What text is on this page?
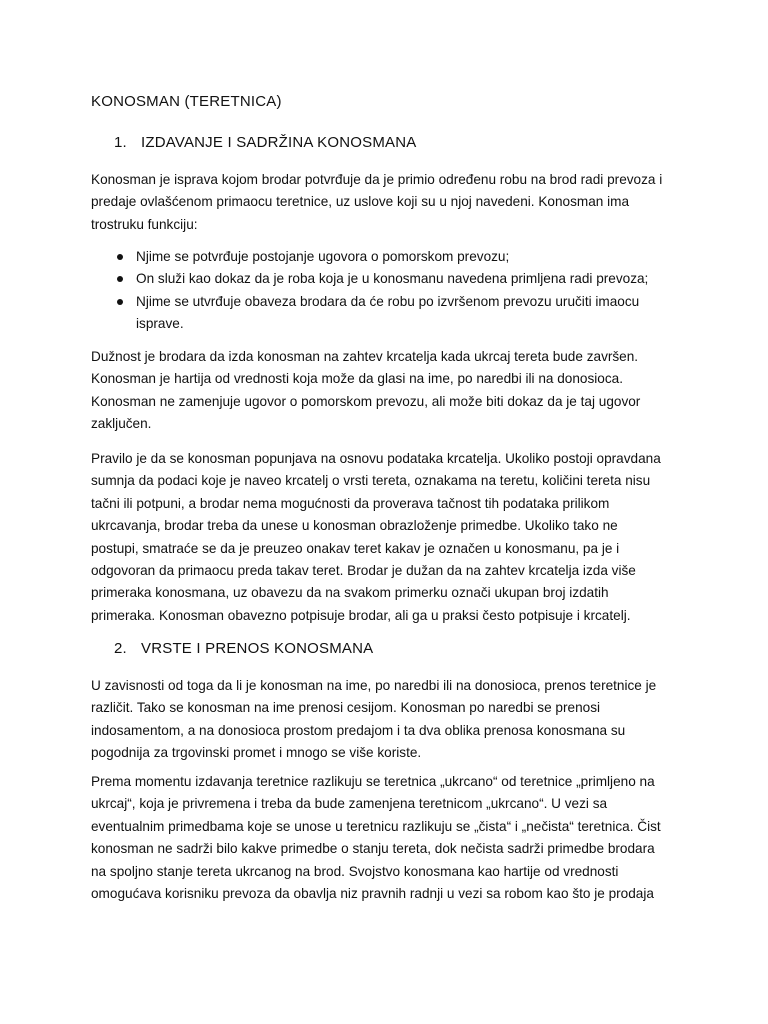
KONOSMAN (TERETNICA)
1. IZDAVANJE I SADRŽINA KONOSMANA

Konosman je isprava kojom brodar potvrđuje da je primio određenu robu na brod radi prevoza i
predaje ovlašćenom primaocu teretnice, uz uslove koji su u njoj navedeni. Konosman ima
trostruku funkciju:

Njime se potvrđuje postojanje ugovora o pomorskom prevozu;
On služi kao dokaz da je roba koja je u konosmanu navedena primljena radi prevoza;
Njime se utvrđuje obaveza brodara da će robu po izvršenom prevozu uručiti imaocu
isprave.

Dužnost je brodara da izda konosman na zahtev krcatelja kada ukrcaj tereta bude završen.
Konosman je hartija od vrednosti koja može da glasi na ime, po naredbi ili na donosioca.
Konosman ne zamenjuje ugovor o pomorskom prevozu, ali može biti dokaz da je taj ugovor
zaključen.

Pravilo je da se konosman popunjava na osnovu podataka krcatelja. Ukoliko postoji opravdana
sumnja da podaci koje je naveo krcatelj o vrsti tereta, oznakama na teretu, količini tereta nisu
tačni ili potpuni, a brodar nema mogućnosti da proverava tačnost tih podataka prilikom
ukrcavanja, brodar treba da unese u konosman obrazloženje primedbe. Ukoliko tako ne
postupi, smatraće se da je preuzeo onakav teret kakav je označen u konosmanu, pa je i
odgovoran da primaocu preda takav teret. Brodar je dužan da na zahtev krcatelja izda više
primeraka konosmana, uz obavezu da na svakom primerku označi ukupan broj izdatih
primeraka. Konosman obavezno potpisuje brodar, ali ga u praksi često potpisuje i krcatelj.

2. VRSTE I PRENOS KONOSMANA

U zavisnosti od toga da li je konosman na ime, po naredbi ili na donosioca, prenos teretnice je
različit. Tako se konosman na ime prenosi cesijom. Konosman po naredbi se prenosi
indosamentom, a na donosioca prostom predajom i ta dva oblika prenosa konosmana su
pogodnija za trgovinski promet i mnogo se više koriste.

Prema momentu izdavanja teretnice razlikuju se teretnica „ukrcano“ od teretnice „primljeno na
ukrcaj“, koja je privremena i treba da bude zamenjena teretnicom „ukrcano“. U vezi sa
eventualnim primedbama koje se unose u teretnicu razlikuju se „čista“ i „nečista“ teretnica. Čist
konosman ne sadrži bilo kakve primedbe o stanju tereta, dok nečista sadrži primedbe brodara
na spoljno stanje tereta ukrcanog na brod. Svojstvo konosmana kao hartije od vrednosti
omogućava korisniku prevoza da obavlja niz pravnih radnji u vezi sa robom kao što je prodaja
